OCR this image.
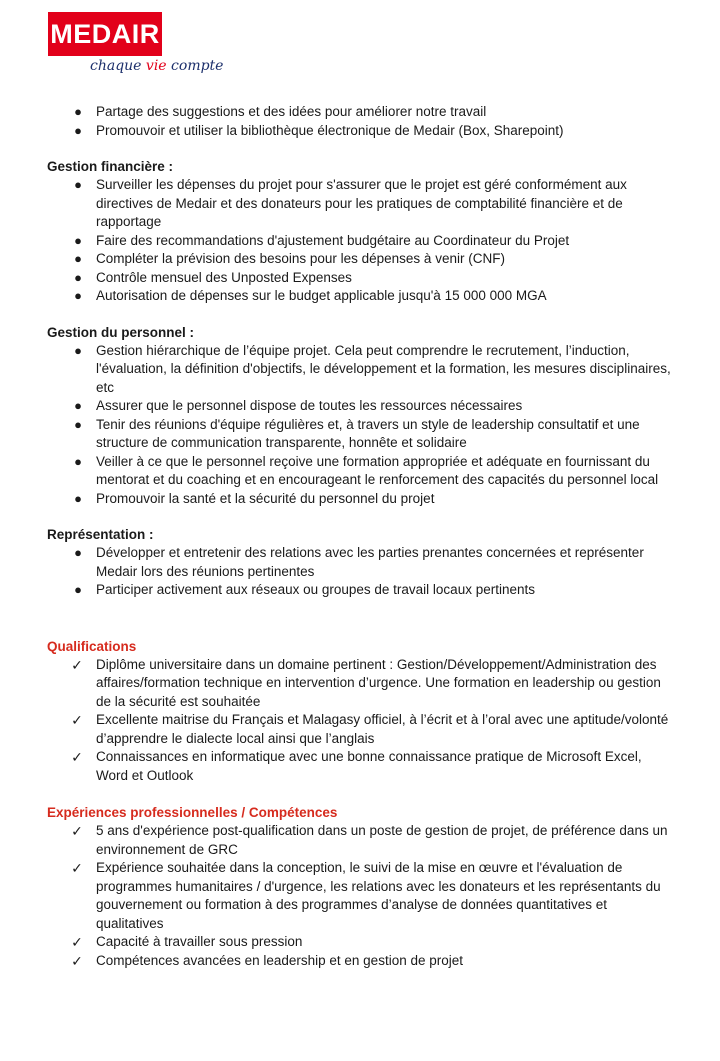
MEDAIR
chaque vie compte
● Partage des suggestions et des idées pour améliorer notre travail
● Promouvoir et utiliser la bibliothèque électronique de Medair (Box, Sharepoint)

Gestion financière :

● Surveiller les dépenses du projet pour s'assurer que le projet est géré conformément aux directives de Medair et des donateurs pour les pratiques de comptabilité financière et de rapportage
● Faire des recommandations d'ajustement budgétaire au Coordinateur du Projet
● Compléter la prévision des besoins pour les dépenses à venir (CNF)
● Contrôle mensuel des Unposted Expenses
● Autorisation de dépenses sur le budget applicable jusqu'à 15 000 000 MGA

Gestion du personnel :

● Gestion hiérarchique de l’équipe projet. Cela peut comprendre le recrutement, l’induction, l'évaluation, la définition d'objectifs, le développement et la formation, les mesures disciplinaires, etc
● Assurer que le personnel dispose de toutes les ressources nécessaires
● Tenir des réunions d'équipe régulières et, à travers un style de leadership consultatif et une structure de communication transparente, honnête et solidaire
● Veiller à ce que le personnel reçoive une formation appropriée et adéquate en fournissant du mentorat et du coaching et en encourageant le renforcement des capacités du personnel local
● Promouvoir la santé et la sécurité du personnel du projet

Représentation :

● Développer et entretenir des relations avec les parties prenantes concernées et représenter Medair lors des réunions pertinentes
● Participer activement aux réseaux ou groupes de travail locaux pertinents

Qualifications

✓ Diplôme universitaire dans un domaine pertinent : Gestion/Développement/Administration des affaires/formation technique en intervention d’urgence. Une formation en leadership ou gestion de la sécurité est souhaitée
✓ Excellente maitrise du Français et Malagasy officiel, à l’écrit et à l’oral avec une aptitude/volonté d’apprendre le dialecte local ainsi que l’anglais
✓ Connaissances en informatique avec une bonne connaissance pratique de Microsoft Excel, Word et Outlook

Expériences professionnelles / Compétences

✓ 5 ans d'expérience post-qualification dans un poste de gestion de projet, de préférence dans un environnement de GRC
✓ Expérience souhaitée dans la conception, le suivi de la mise en œuvre et l'évaluation de programmes humanitaires / d'urgence, les relations avec les donateurs et les représentants du gouvernement ou formation à des programmes d’analyse de données quantitatives et qualitatives
✓ Capacité à travailler sous pression
✓ Compétences avancées en leadership et en gestion de projet
